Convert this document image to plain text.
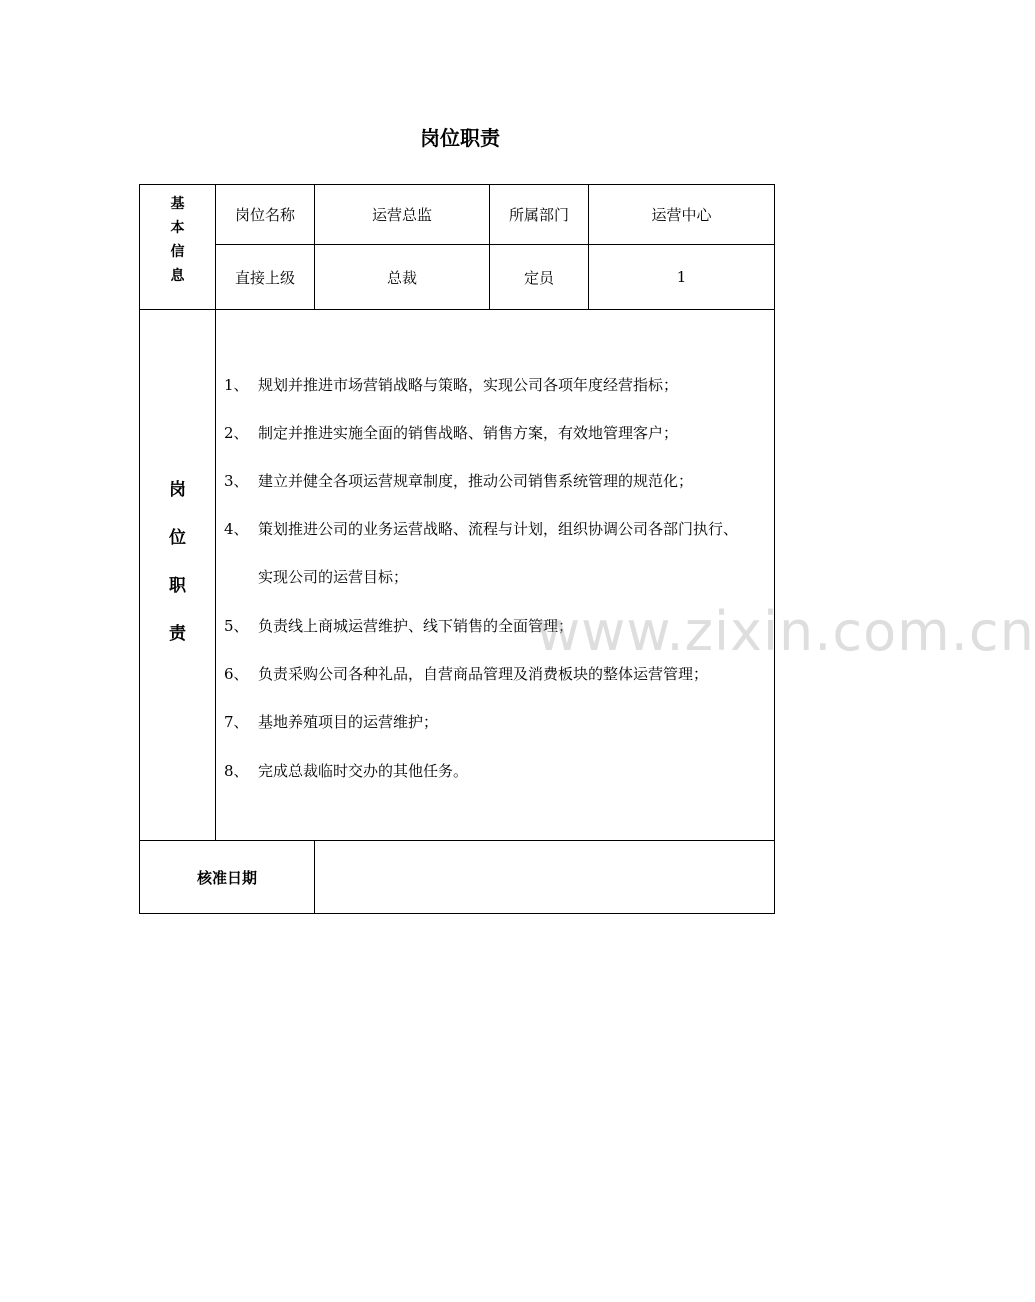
岗位职责
基
本
信
息
岗位名称	运营总监	所属部门	运营中心
直接上级	总裁	定员	1
岗
位
职
责
1、 规划并推进市场营销战略与策略，实现公司各项年度经营指标；
2、 制定并推进实施全面的销售战略、销售方案，有效地管理客户；
3、 建立并健全各项运营规章制度，推动公司销售系统管理的规范化；
4、 策划推进公司的业务运营战略、流程与计划，组织协调公司各部门执行、
实现公司的运营目标；
5、 负责线上商城运营维护、线下销售的全面管理；
6、 负责采购公司各种礼品，自营商品管理及消费板块的整体运营管理；
7、 基地养殖项目的运营维护；
8、 完成总裁临时交办的其他任务。
核准日期
www.zixin.com.cn
